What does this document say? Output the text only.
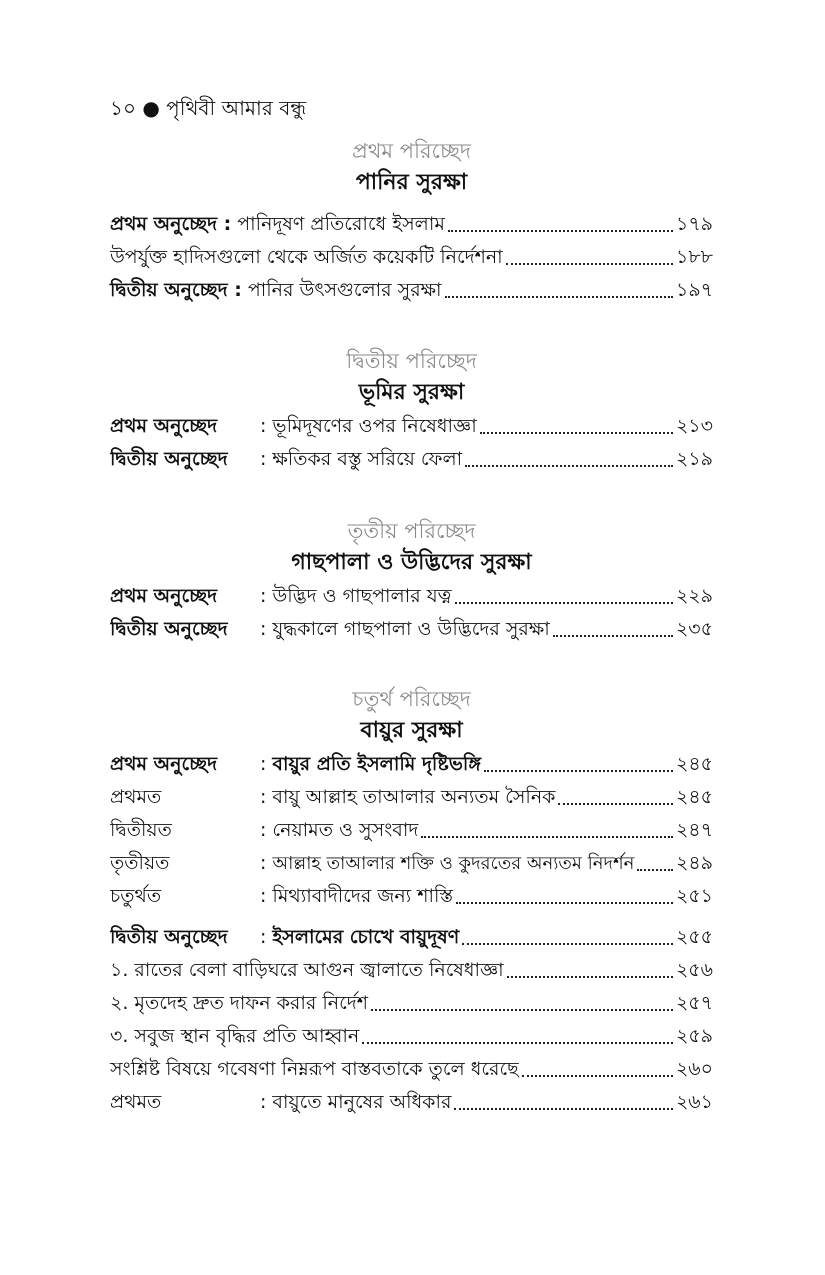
১০ ● পৃথিবী আমার বন্ধু
প্রথম পরিচ্ছেদ
পানির সুরক্ষা
প্রথম অনুচ্ছেদ : পানিদূষণ প্রতিরোধে ইসলাম	১৭৯
উপর্যুক্ত হাদিসগুলো থেকে অর্জিত কয়েকটি নির্দেশনা	১৮৮
দ্বিতীয় অনুচ্ছেদ : পানির উৎসগুলোর সুরক্ষা	১৯৭
দ্বিতীয় পরিচ্ছেদ
ভূমির সুরক্ষা
প্রথম অনুচ্ছেদ	: ভূমিদূষণের ওপর নিষেধাজ্ঞা	২১৩
দ্বিতীয় অনুচ্ছেদ	: ক্ষতিকর বস্তু সরিয়ে ফেলা	২১৯
তৃতীয় পরিচ্ছেদ
গাছপালা ও উদ্ভিদের সুরক্ষা
প্রথম অনুচ্ছেদ	: উদ্ভিদ ও গাছপালার যত্ন	২২৯
দ্বিতীয় অনুচ্ছেদ	: যুদ্ধকালে গাছপালা ও উদ্ভিদের সুরক্ষা	২৩৫
চতুর্থ পরিচ্ছেদ
বায়ুর সুরক্ষা
প্রথম অনুচ্ছেদ	: বায়ুর প্রতি ইসলামি দৃষ্টিভঙ্গি	২৪৫
প্রথমত	: বায়ু আল্লাহ তাআলার অন্যতম সৈনিক	২৪৫
দ্বিতীয়ত	: নেয়ামত ও সুসংবাদ	২৪৭
তৃতীয়ত	: আল্লাহ তাআলার শক্তি ও কুদরতের অন্যতম নিদর্শন ২৪৯
চতুর্থত	: মিথ্যাবাদীদের জন্য শাস্তি	২৫১
দ্বিতীয় অনুচ্ছেদ	: ইসলামের চোখে বায়ুদূষণ	২৫৫
১. রাতের বেলা বাড়িঘরে আগুন জ্বালাতে নিষেধাজ্ঞা	২৫৬
২. মৃতদেহ দ্রুত দাফন করার নির্দেশ	২৫৭
৩. সবুজ স্থান বৃদ্ধির প্রতি আহ্বান	২৫৯
সংশ্লিষ্ট বিষয়ে গবেষণা নিম্নরূপ বাস্তবতাকে তুলে ধরেছে	২৬০
প্রথমত	: বায়ুতে মানুষের অধিকার	২৬১
